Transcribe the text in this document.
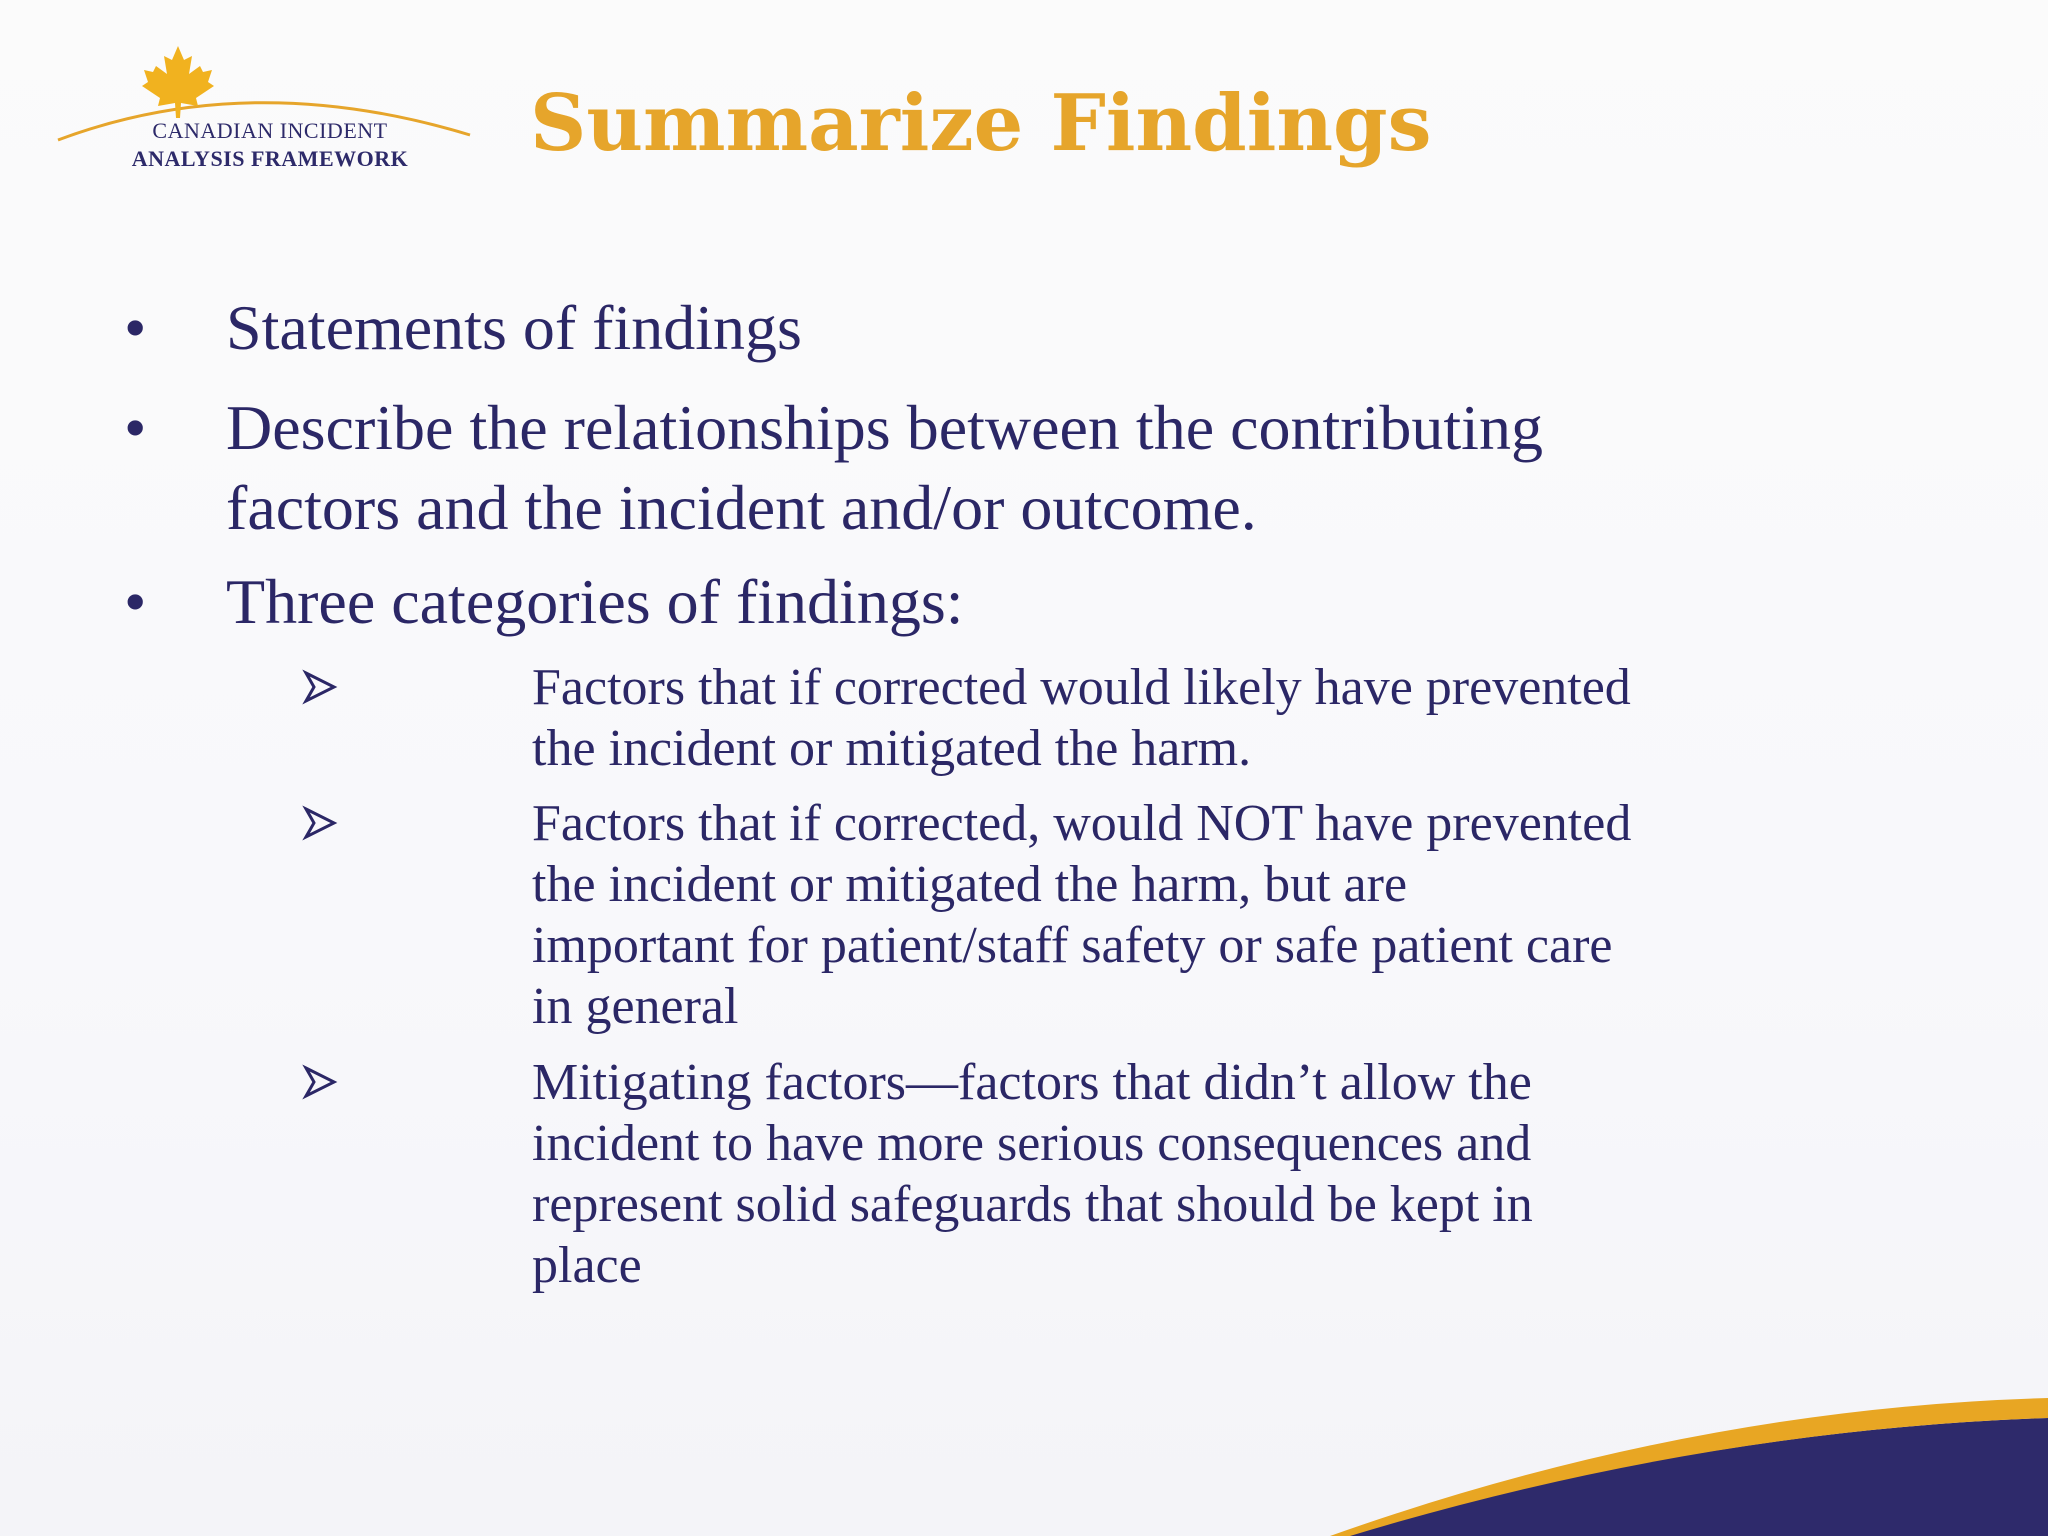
CANADIAN INCIDENT
ANALYSIS FRAMEWORK	Summarize Findings
• Statements of findings
• Describe the relationships between the contributing
factors and the incident and/or outcome.
• Three categories of findings:
Factors that if corrected would likely have prevented
the incident or mitigated the harm.
Factors that if corrected, would NOT have prevented
the incident or mitigated the harm, but are
important for patient/staff safety or safe patient care
in general
Mitigating factors—factors that didn’t allow the
incident to have more serious consequences and
represent solid safeguards that should be kept in
place
